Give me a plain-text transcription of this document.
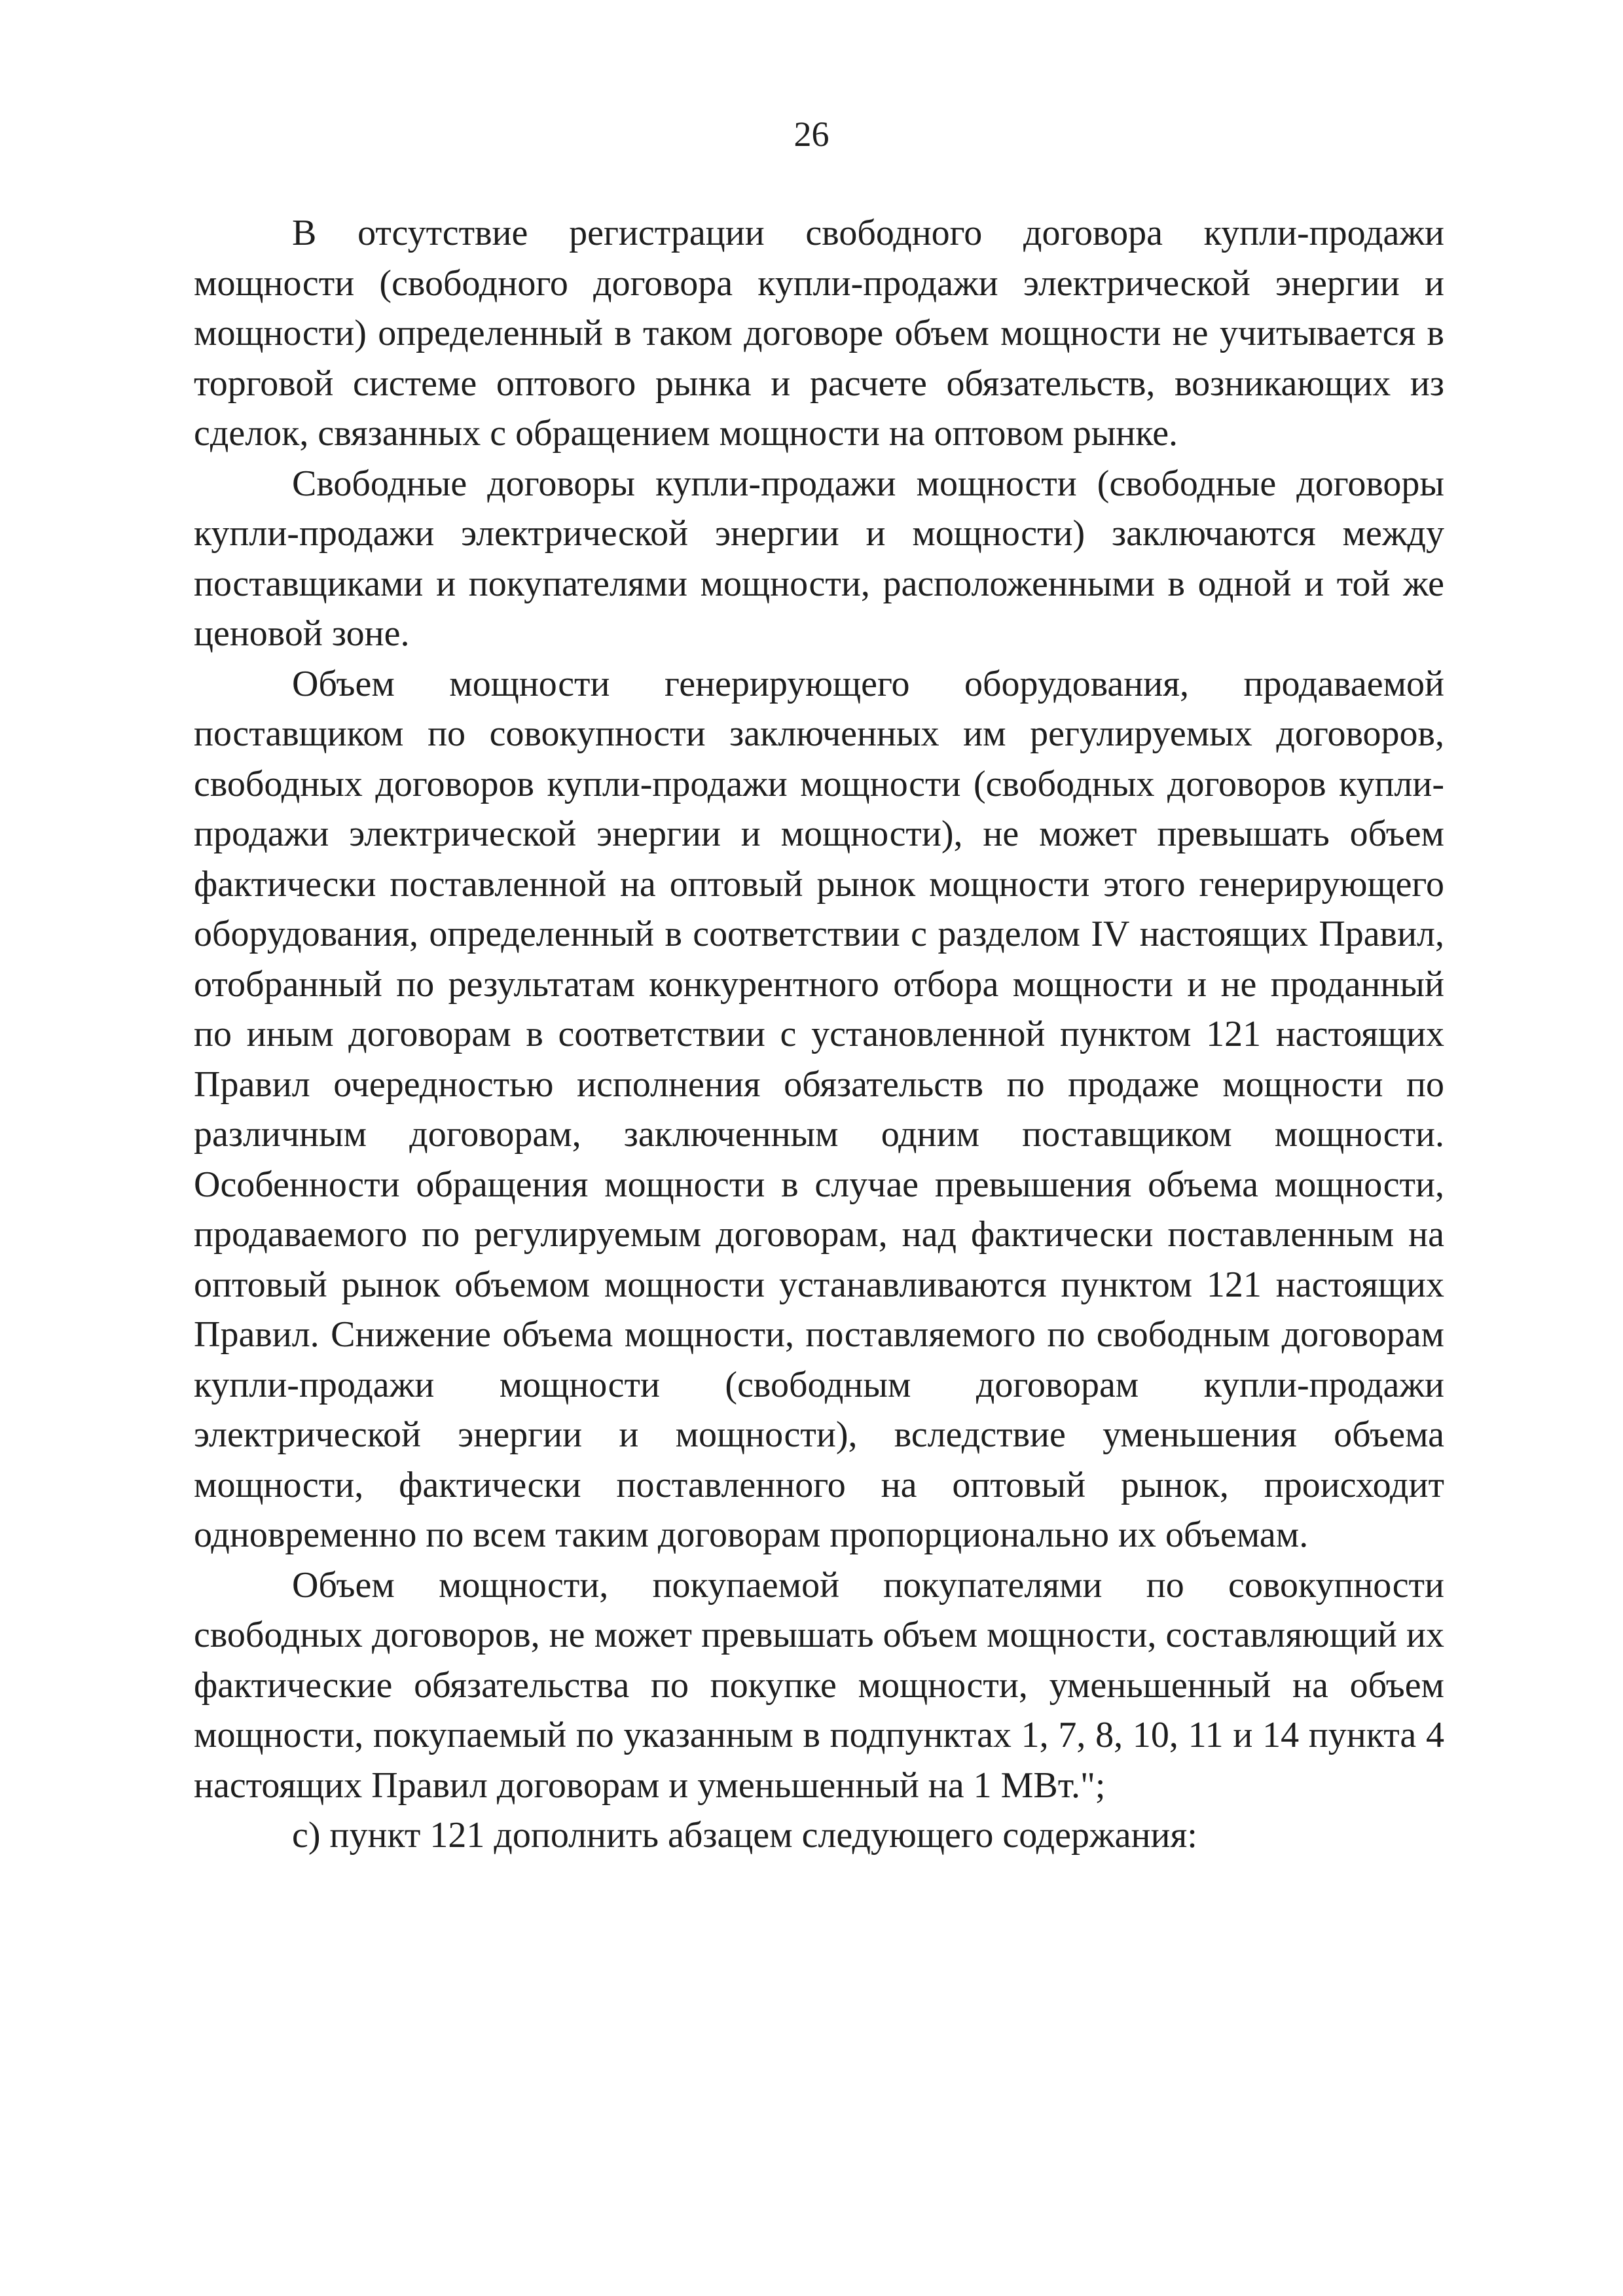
26

В отсутствие регистрации свободного договора купли-продажи мощности (свободного договора купли-продажи электрической энергии и мощности) определенный в таком договоре объем мощности не учитывается в торговой системе оптового рынка и расчете обязательств, возникающих из сделок, связанных с обращением мощности на оптовом рынке.

Свободные договоры купли-продажи мощности (свободные договоры купли-продажи электрической энергии и мощности) заключаются между поставщиками и покупателями мощности, расположенными в одной и той же ценовой зоне.

Объем мощности генерирующего оборудования, продаваемой поставщиком по совокупности заключенных им регулируемых договоров, свободных договоров купли-продажи мощности (свободных договоров купли-продажи электрической энергии и мощности), не может превышать объем фактически поставленной на оптовый рынок мощности этого генерирующего оборудования, определенный в соответствии с разделом IV настоящих Правил, отобранный по результатам конкурентного отбора мощности и не проданный по иным договорам в соответствии с установленной пунктом 121 настоящих Правил очередностью исполнения обязательств по продаже мощности по различным договорам, заключенным одним поставщиком мощности. Особенности обращения мощности в случае превышения объема мощности, продаваемого по регулируемым договорам, над фактически поставленным на оптовый рынок объемом мощности устанавливаются пунктом 121 настоящих Правил. Снижение объема мощности, поставляемого по свободным договорам купли-продажи мощности (свободным договорам купли-продажи электрической энергии и мощности), вследствие уменьшения объема мощности, фактически поставленного на оптовый рынок, происходит одновременно по всем таким договорам пропорционально их объемам.

Объем мощности, покупаемой покупателями по совокупности свободных договоров, не может превышать объем мощности, составляющий их фактические обязательства по покупке мощности, уменьшенный на объем мощности, покупаемый по указанным в подпунктах 1, 7, 8, 10, 11 и 14 пункта 4 настоящих Правил договорам и уменьшенный на 1 МВт.";

с) пункт 121 дополнить абзацем следующего содержания:
